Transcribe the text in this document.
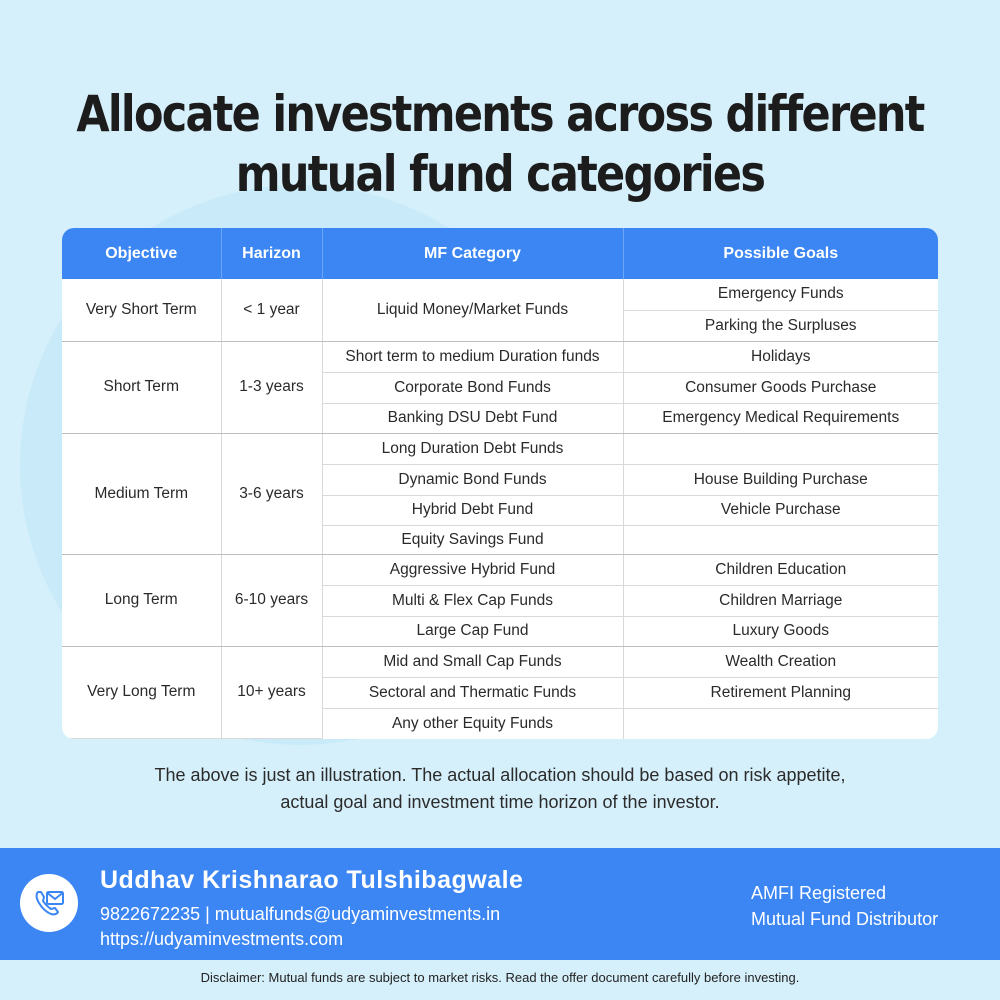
Allocate investments across different
mutual fund categories
Objective	Harizon	MF Category	Possible Goals
Very Short Term	< 1 year	Liquid Money/Market Funds	Emergency Funds
			Parking the Surpluses
Short Term	1-3 years	Short term to medium Duration funds	Holidays
		Corporate Bond Funds	Consumer Goods Purchase
		Banking DSU Debt Fund	Emergency Medical Requirements
Medium Term	3-6 years	Long Duration Debt Funds	
		Dynamic Bond Funds	House Building Purchase
		Hybrid Debt Fund	Vehicle Purchase
		Equity Savings Fund	
Long Term	6-10 years	Aggressive Hybrid Fund	Children Education
		Multi & Flex Cap Funds	Children Marriage
		Large Cap Fund	Luxury Goods
Very Long Term	10+ years	Mid and Small Cap Funds	Wealth Creation
		Sectoral and Thermatic Funds	Retirement Planning
		Any other Equity Funds	

The above is just an illustration. The actual allocation should be based on risk appetite,
actual goal and investment time horizon of the investor.

Uddhav Krishnarao Tulshibagwale
9822672235 | mutualfunds@udyaminvestments.in
https://udyaminvestments.com
AMFI Registered
Mutual Fund Distributor

Disclaimer: Mutual funds are subject to market risks. Read the offer document carefully before investing.
